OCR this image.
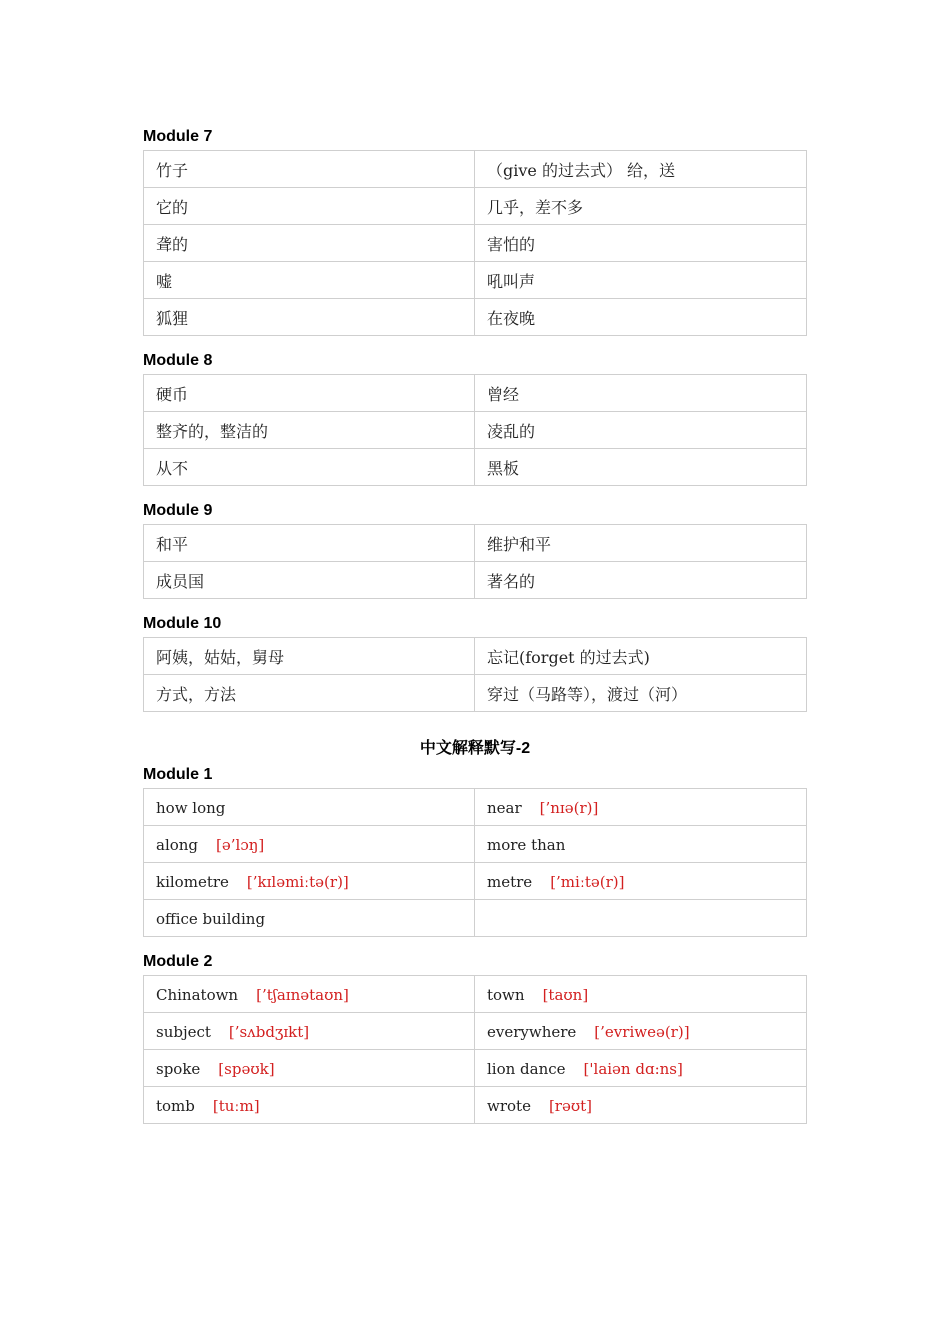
Module 7
竹子	（give 的过去式） 给，送
它的	几乎，差不多
聋的	害怕的
嘘	吼叫声
狐狸	在夜晚
Module 8
硬币	曾经
整齐的，整洁的	凌乱的
从不	黑板
Module 9
和平	维护和平
成员国	著名的
Module 10
阿姨，姑姑，舅母	忘记(forget 的过去式)
方式，方法	穿过（马路等），渡过（河）
中文解释默写-2
Module 1
how long	near [’nɪə(r)]
along [ə’lɔŋ]	more than
kilometre [’kɪləmiːtə(r)]	metre [’miːtə(r)]
office building	
Module 2
Chinatown [’tʃaɪnətaʊn]	town [taʊn]
subject [’sʌbdʒɪkt]	everywhere [’evriweə(r)]
spoke [spəʊk]	lion dance ['laiən dɑ:ns]
tomb [tuːm]	wrote [rəʊt]
